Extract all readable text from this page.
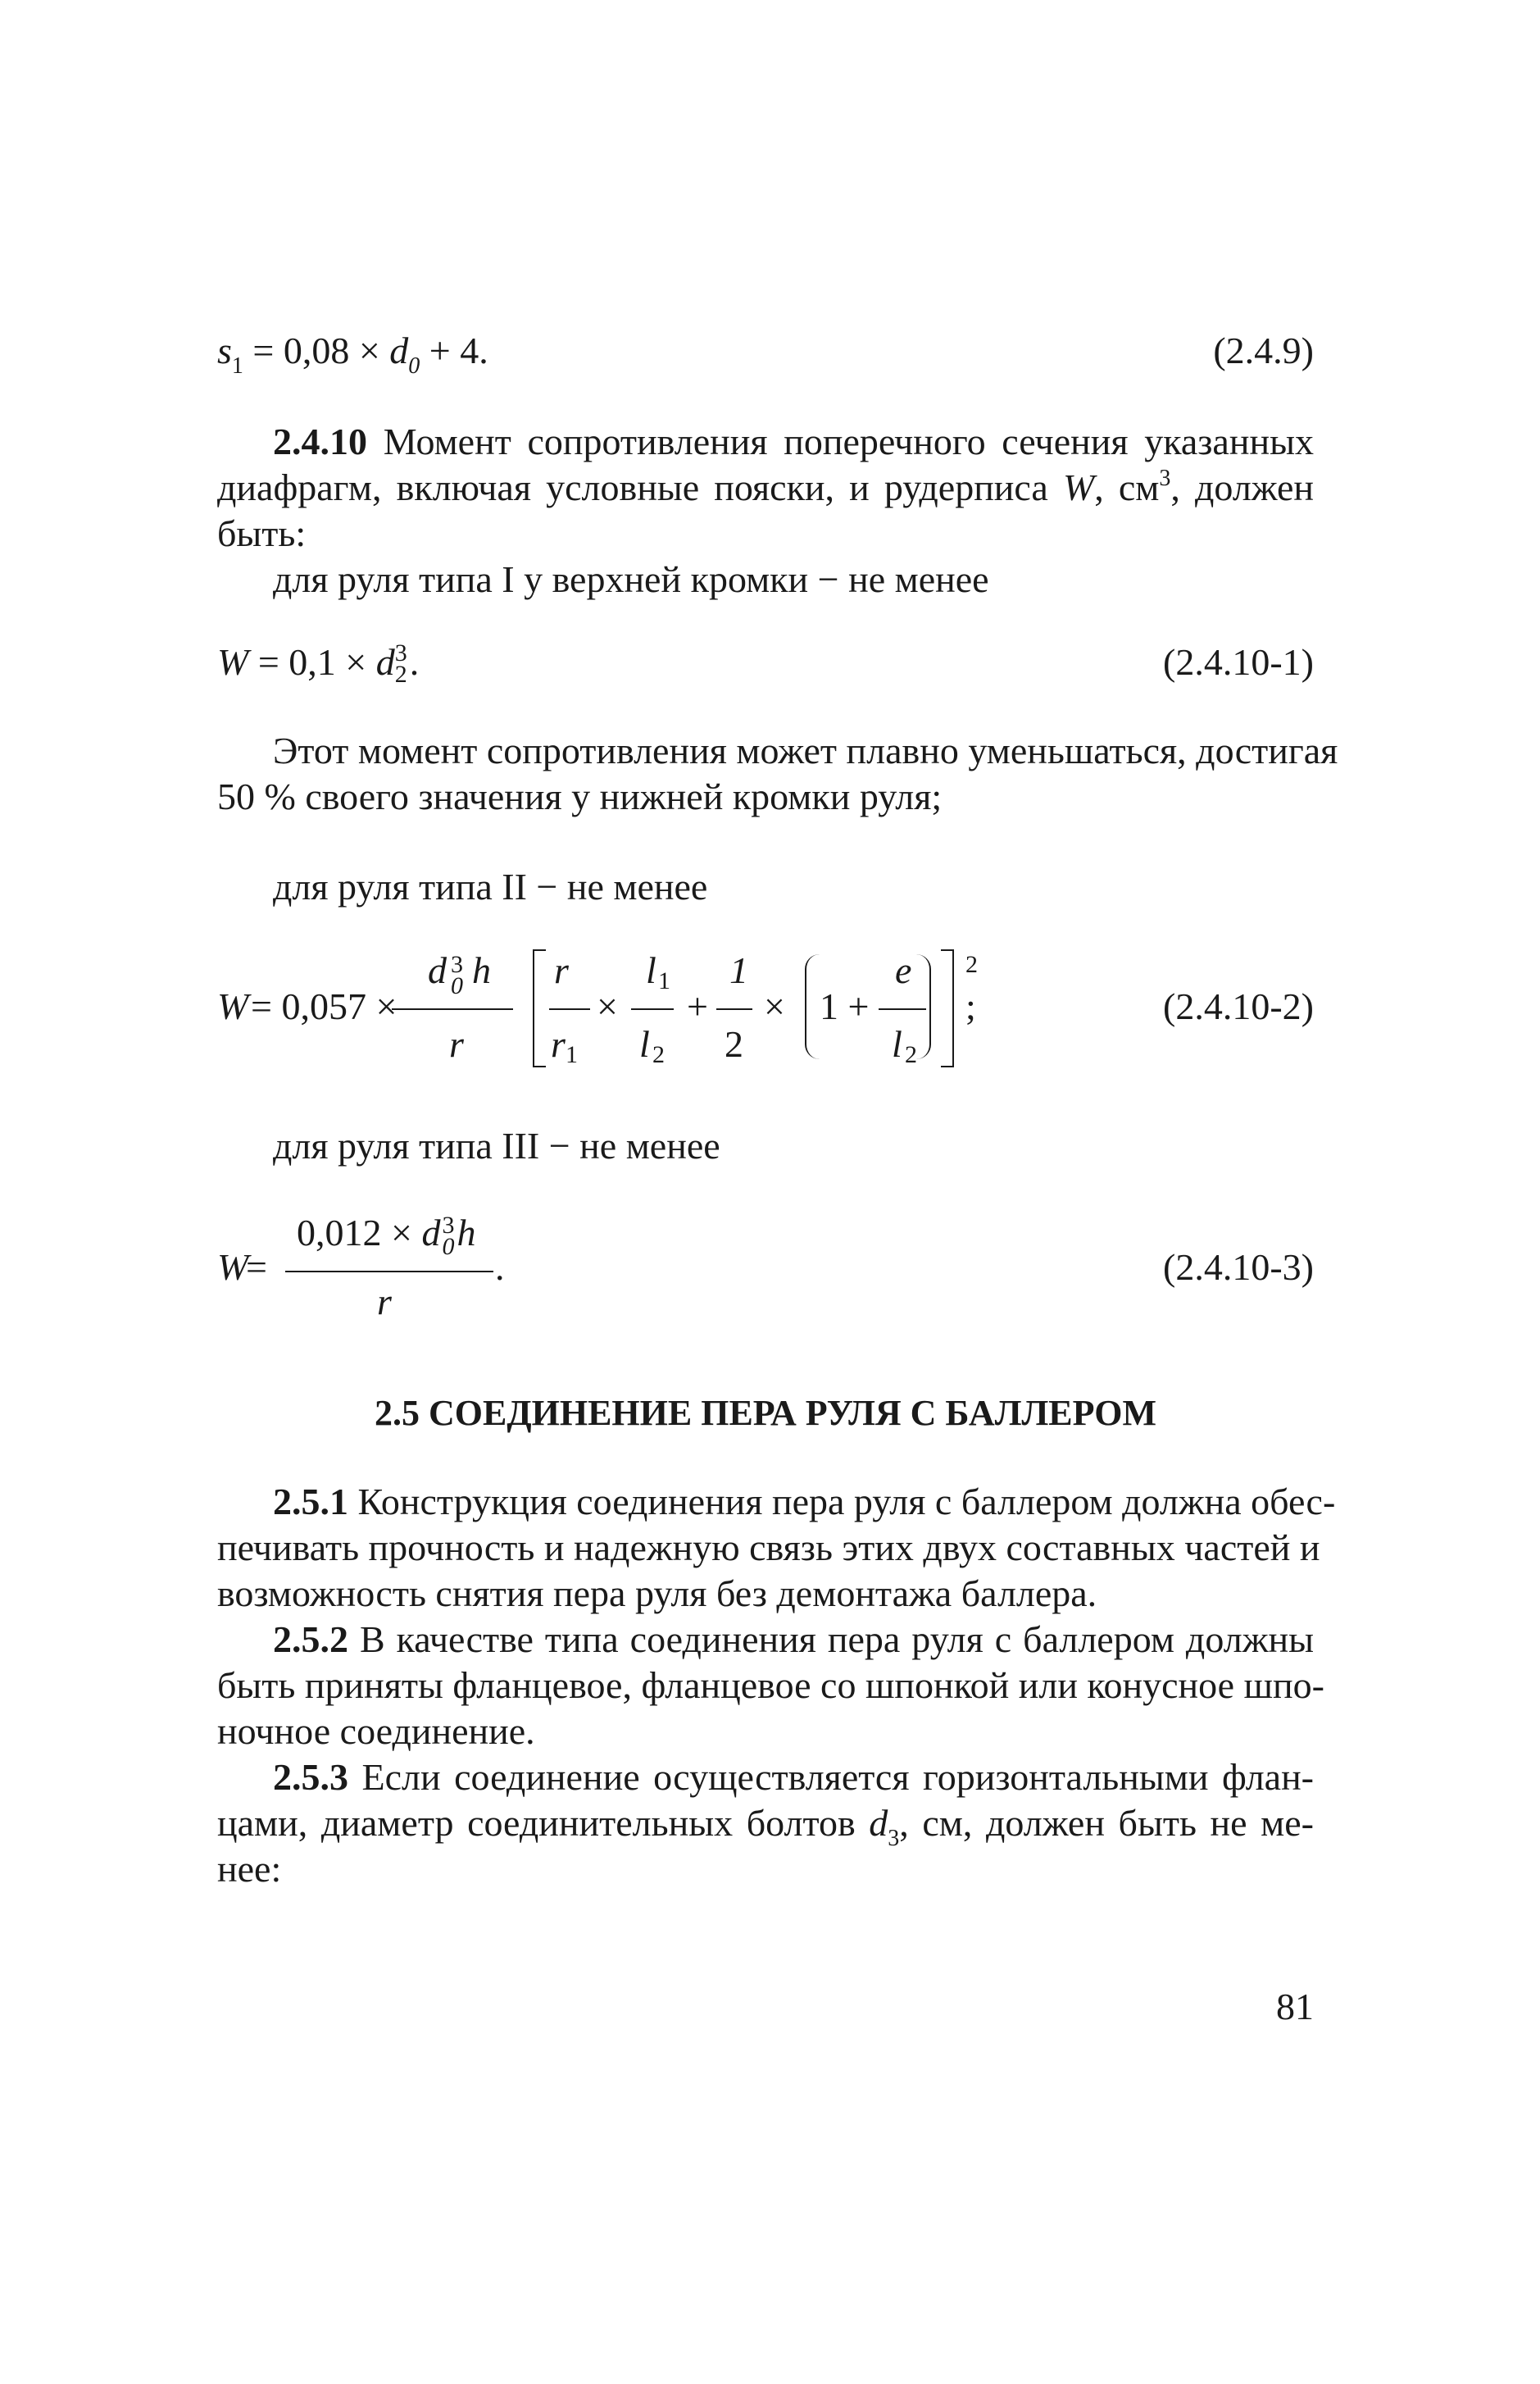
$s_1 = 0,08 \times d_0 + 4$.	(2.4.9)

2.4.10 Момент сопротивления поперечного сечения указанных

диафрагм, включая условные пояски, и рудерписа W, $см^3$, должен

быть:

для руля типа I у верхней кромки − не менее

W = 0,1 × d 3
2 .	(2.4.10-1)

Этот момент сопротивления может плавно уменьшаться, достигая

50 % своего значения у нижней кромки руля;

для руля типа II − не менее

W = 0,057 ×
d 3
0 h
r
r
r 1
×
l 1
l 2
+
1
2
× 1 +
e
l 2
2
;	(2.4.10-2)

для руля типа III − не менее

W
=
0,012 × d 3
0 h
r
.	(2.4.10-3)
2.5 СОЕДИНЕНИЕ ПЕРА РУЛЯ С БАЛЛЕРОМ

2.5.1 Конструкция соединения пера руля с баллером должна обес-

печивать прочность и надежную связь этих двух составных частей и

возможность снятия пера руля без демонтажа баллера.

2.5.2 В качестве типа соединения пера руля с баллером должны

быть приняты фланцевое, фланцевое со шпонкой или конусное шпо-

ночное соединение.

2.5.3 Если соединение осуществляется горизонтальными флан-

цами, диаметр соединительных болтов $d_3$, см, должен быть не ме-

нее:

81
